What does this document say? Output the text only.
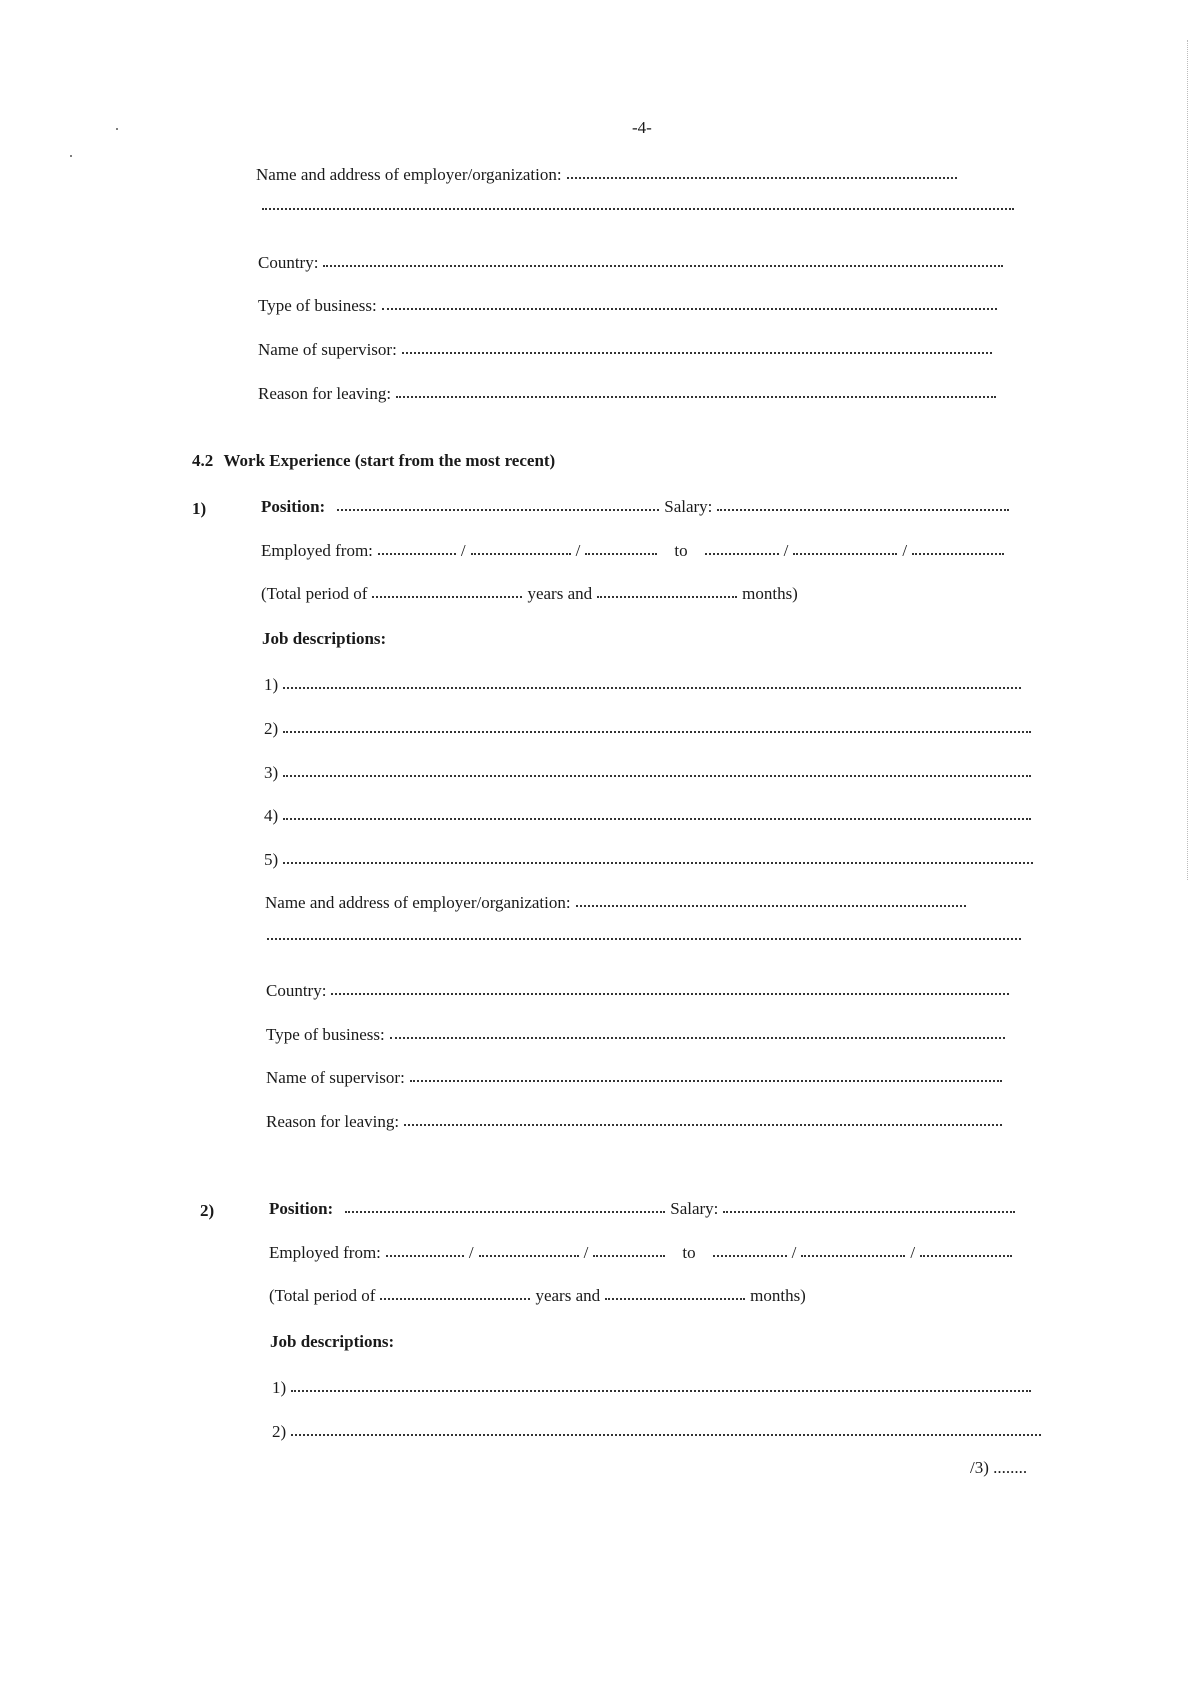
-4-
Name and address of employer/organization:
Country:
Type of business:
Name of supervisor:
Reason for leaving:
4.2 Work Experience (start from the most recent)
1)	Position:	Salary:
Employed from:	/	/	to	/	/
(Total period of	years and	months)
Job descriptions:
1)
2)
3)
4)
5)
Name and address of employer/organization:
Country:
Type of business:
Name of supervisor:
Reason for leaving:
2)	Position:	Salary:
Employed from:	/	/	to	/	/
(Total period of	years and	months)
Job descriptions:
1)
2)
/3) ........
